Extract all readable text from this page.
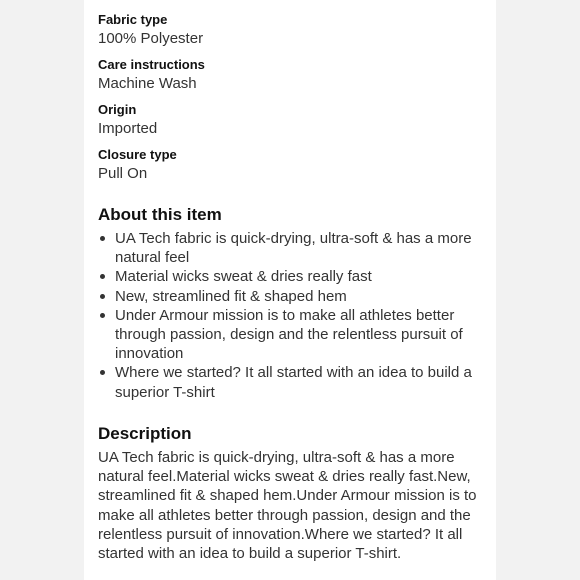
Fabric type
100% Polyester
Care instructions
Machine Wash
Origin
Imported
Closure type
Pull On
About this item
UA Tech fabric is quick-drying, ultra-soft & has a more natural feel
Material wicks sweat & dries really fast
New, streamlined fit & shaped hem
Under Armour mission is to make all athletes better through passion, design and the relentless pursuit of innovation
Where we started? It all started with an idea to build a superior T-shirt
Description

UA Tech fabric is quick-drying, ultra-soft & has a more natural feel.Material wicks sweat & dries really fast.New, streamlined fit & shaped hem.Under Armour mission is to make all athletes better through passion, design and the relentless pursuit of innovation.Where we started? It all started with an idea to build a superior T-shirt.
